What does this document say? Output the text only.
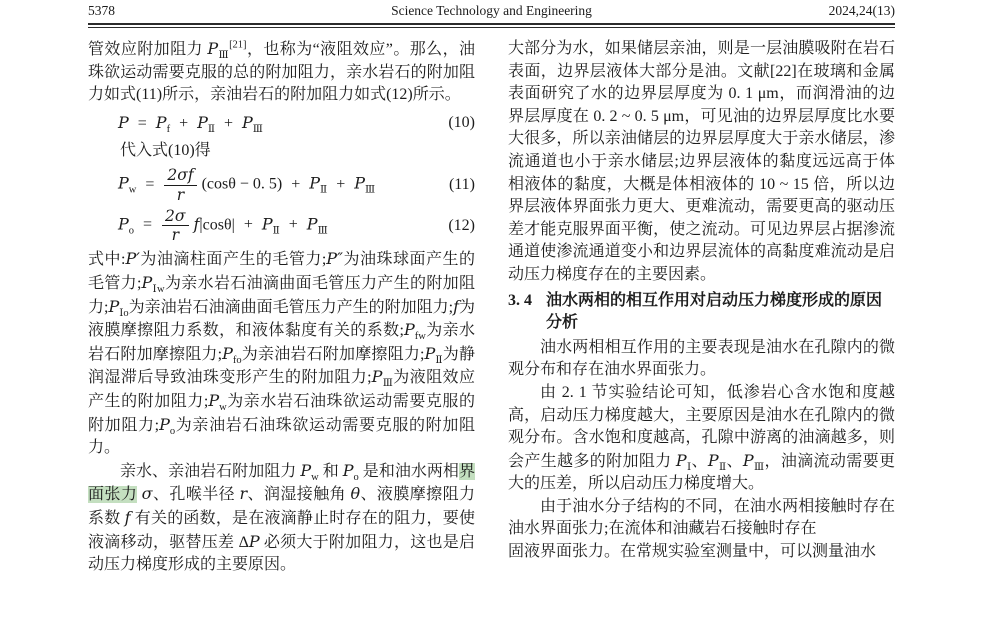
5378	Science Technology and Engineering	2024,24(13)

管效应附加阻力 $P_Ⅲ[21]$，也称为“液阻效应”。那么，油珠欲运动需要克服的总的附加阻力，亲水岩石的附加阻力如式(11)所示，亲油岩石的附加阻力如式(12)所示。

$P = P_f + P_Ⅱ + P_Ⅲ$	(10)
代入式(10)得
$P_w = \frac{2\sigma f}{r} (\cos\theta - 0$. $5) + P_Ⅱ + P_Ⅲ$	(11)
$P_o = \frac{2\sigma}{r} f|\cos\theta| + P_Ⅱ + P_Ⅲ$	(12)

式中:P′为油滴柱面产生的毛管力;P″为油珠球面产生的毛管力$;P_{Ⅰw}$为亲水岩石油滴曲面毛管压力产生的附加阻力$;P_{Ⅰo}$为亲油岩石油滴曲面毛管压力产生的附加阻力;f为液膜摩擦阻力系数，和液体黏度有关的系数$;P_{fw}$为亲水岩石附加摩擦阻力$;P_{fo}$为亲油岩石附加摩擦阻力$;P_Ⅱ$为静润湿滞后导致油珠变形产生的附加阻力$;P_Ⅲ$为液阻效应产生的附加阻力$;P_w$为亲水岩石油珠欲运动需要克服的附加阻力$;P_o$为亲油岩石油珠欲运动需要克服的附加阻力。

亲水、亲油岩石附加阻力 $P_w$ 和 $P_o$ 是和油水两相界面张力 σ、孔喉半径 r、润湿接触角 θ、液膜摩擦阻力系数 f 有关的函数，是在液滴静止时存在的阻力，要使液滴移动，驱替压差 ΔP 必须大于附加阻力，这也是启动压力梯度形成的主要原因。

大部分为水，如果储层亲油，则是一层油膜吸附在岩石表面，边界层液体大部分是油。文献[22]在玻璃和金属表面研究了水的边界层厚度为 0. 1 μm，而润滑油的边界层厚度在 0. 2 ~ 0. 5 μm，可见油的边界层厚度比水要大很多，所以亲油储层的边界层厚度大于亲水储层，渗流通道也小于亲水储层;边界层液体的黏度远远高于体相液体的黏度，大概是体相液体的 10 ~ 15 倍，所以边界层液体界面张力更大、更难流动，需要更高的驱动压差才能克服界面平衡，使之流动。可见边界层占据渗流通道使渗流通道变小和边界层流体的高黏度难流动是启动压力梯度存在的主要因素。

3. 4 油水两相的相互作用对启动压力梯度形成的原因分析

油水两相相互作用的主要表现是油水在孔隙内的微观分布和存在油水界面张力。

由 2. 1 节实验结论可知，低渗岩心含水饱和度越高，启动压力梯度越大，主要原因是油水在孔隙内的微观分布。含水饱和度越高，孔隙中游离的油滴越多，则会产生越多的附加阻力 $P_Ⅰ$、$P_Ⅱ$、$P_Ⅲ$，油滴流动需要更大的压差，所以启动压力梯度增大。

由于油水分子结构的不同，在油水两相接触时存在油水界面张力;在流体和油藏岩石接触时存在

固液界面张力。在常规实验室测量中，可以测量油水
